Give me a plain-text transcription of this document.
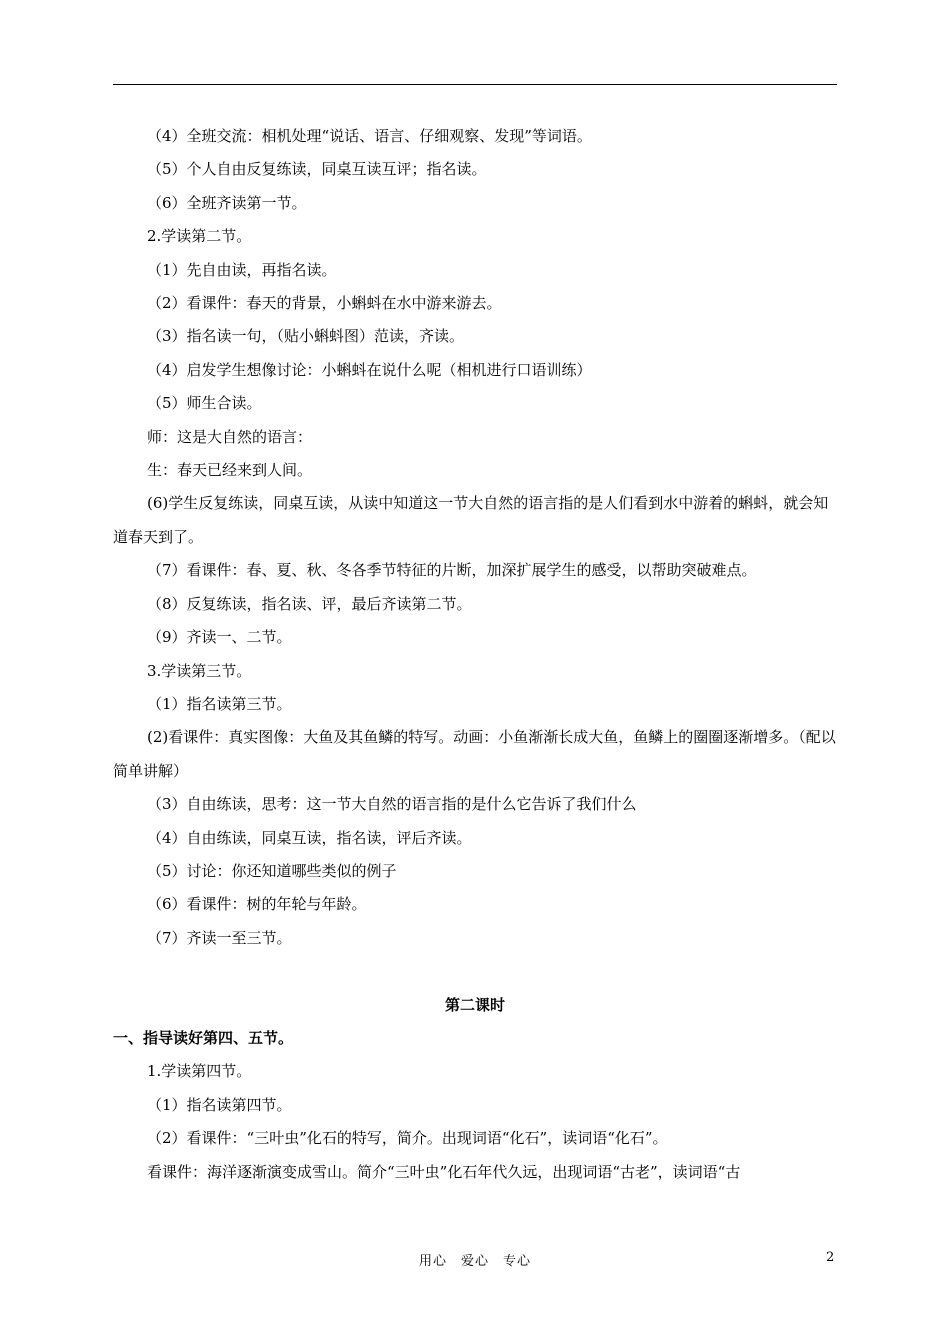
（4）全班交流：相机处理“说话、语言、仔细观察、发现”等词语。
（5）个人自由反复练读，同桌互读互评；指名读。
（6）全班齐读第一节。
2.学读第二节。
（1）先自由读，再指名读。
（2）看课件：春天的背景，小蝌蚪在水中游来游去。
（3）指名读一句，（贴小蝌蚪图）范读，齐读。
（4）启发学生想像讨论：小蝌蚪在说什么呢（相机进行口语训练）
（5）师生合读。
师：这是大自然的语言：
生：春天已经来到人间。
(6)学生反复练读，同桌互读，从读中知道这一节大自然的语言指的是人们看到水中游着的蝌蚪，就会知道春天到了。
（7）看课件：春、夏、秋、冬各季节特征的片断，加深扩展学生的感受，以帮助突破难点。
（8）反复练读，指名读、评，最后齐读第二节。
（9）齐读一、二节。
3.学读第三节。
（1）指名读第三节。
(2)看课件：真实图像：大鱼及其鱼鳞的特写。动画：小鱼渐渐长成大鱼，鱼鳞上的圈圈逐渐增多。（配以简单讲解）
（3）自由练读，思考：这一节大自然的语言指的是什么它告诉了我们什么
（4）自由练读，同桌互读，指名读，评后齐读。
（5）讨论：你还知道哪些类似的例子
（6）看课件：树的年轮与年龄。
（7）齐读一至三节。
第二课时
一、指导读好第四、五节。
1.学读第四节。
（1）指名读第四节。
（2）看课件：“三叶虫”化石的特写，简介。出现词语“化石”，读词语“化石”。
看课件：海洋逐渐演变成雪山。简介“三叶虫”化石年代久远，出现词语“古老”，读词语“古
用心　爱心　专心	2
